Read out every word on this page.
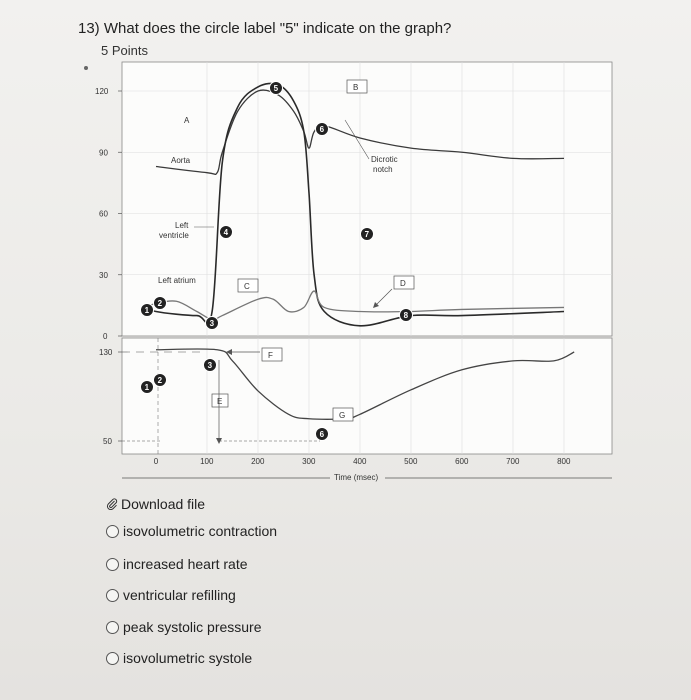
13) What does the circle label "5" indicate on the graph?
5 Points
0	100	200	300	400	500	600	700	800
120
90
60
30
0
130
50
A
B
C	D
Aorta
Left
ventricle
Left atrium
Dicrotic
notch
E
F
G
1
2
3
4
5
6
7
8
1
2
3
6
Time (msec)
Download file
isovolumetric contraction
increased heart rate
ventricular refilling
peak systolic pressure
isovolumetric systole
